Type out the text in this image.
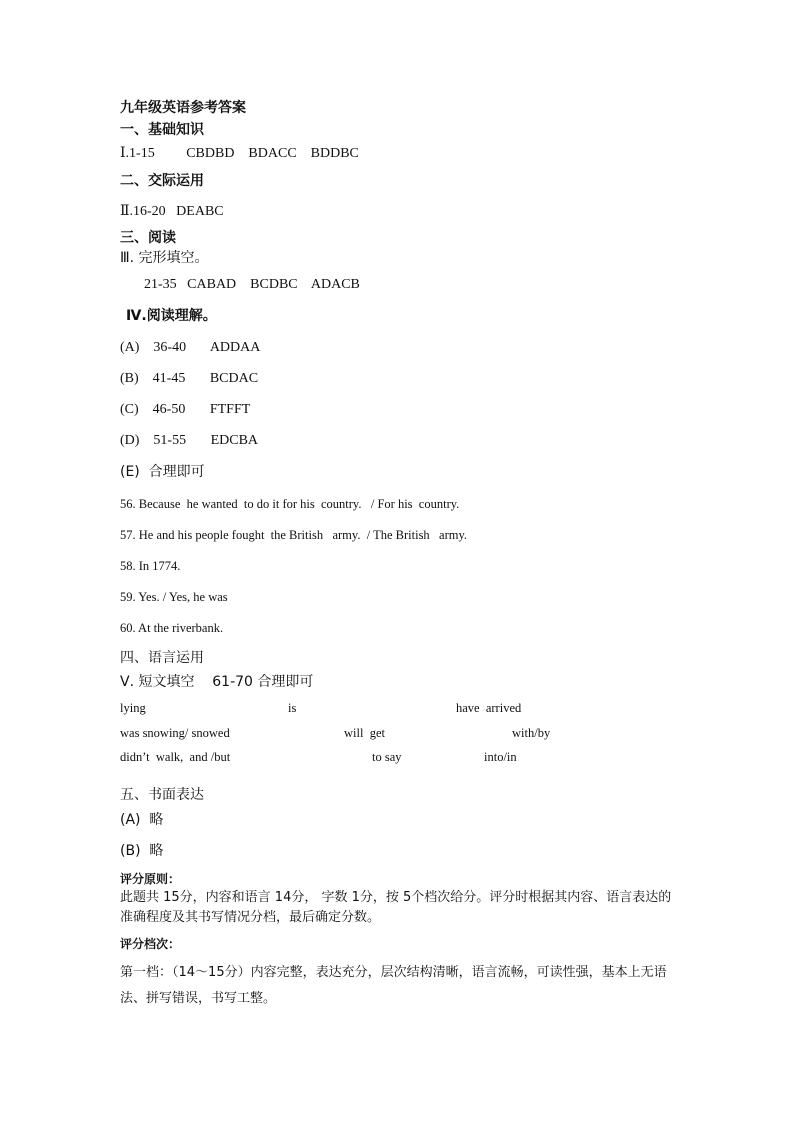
九年级英语参考答案
一、基础知识
Ⅰ.1-15         CBDBD    BDACC    BDDBC
二、交际运用
Ⅱ.16-20   DEABC
三、阅读
Ⅲ. 完形填空。
21-35   CABAD    BCDBC    ADACB
Ⅳ.阅读理解。
(A)    36-40       ADDAA
(B)    41-45       BCDAC
(C)    46-50       FTFFT
(D)    51-55       EDCBA
(E)  合理即可
56. Because  he wanted  to do it for his  country.   / For his  country.
57. He and his people fought  the British   army.  / The British   army.
58. In 1774.
59. Yes. / Yes, he was
60. At the riverbank.
四、语言运用
Ⅴ. 短文填空    61-70 合理即可
lying	is	have  arrived
was snowing/ snowed	will  get	with/by
didn’t  walk,  and /but	to say	into/in
五、书面表达
(A)  略
(B)  略
评分原则：
此题共 15分，内容和语言 14分， 字数 1分，按 5个档次给分。评分时根据其内容、语言表达的准确程度及其书写情况分档，最后确定分数。
评分档次：
第一档：（14～15分）内容完整，表达充分，层次结构清晰，语言流畅，可读性强，基本上无语法、拼写错误，书写工整。
